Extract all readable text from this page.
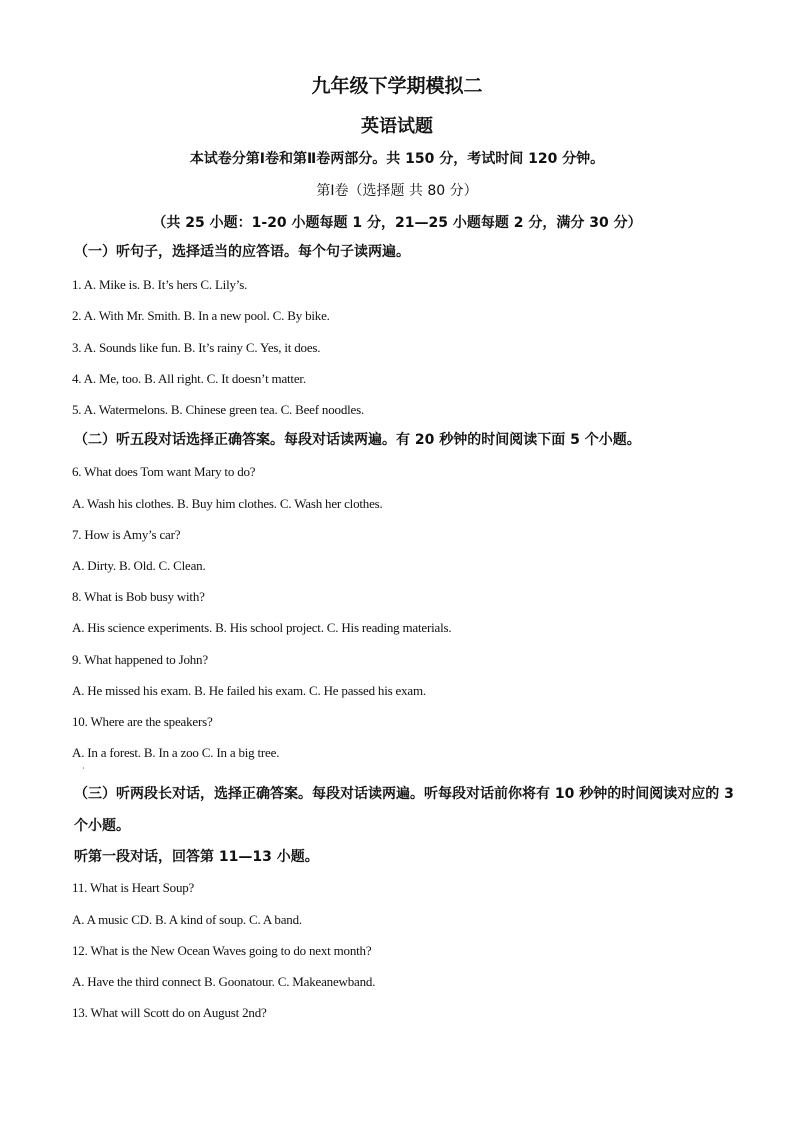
九年级下学期模拟二
英语试题
本试卷分第Ⅰ卷和第Ⅱ卷两部分。共 150 分，考试时间 120 分钟。
第Ⅰ卷（选择题 共 80 分）
（共 25 小题：1-20 小题每题 1 分，21—25 小题每题 2 分，满分 30 分）
（一）听句子，选择适当的应答语。每个句子读两遍。
1. A. Mike is. B. It’s hers C. Lily’s.
2. A. With Mr. Smith. B. In a new pool. C. By bike.
3. A. Sounds like fun. B. It’s rainy C. Yes, it does.
4. A. Me, too. B. All right. C. It doesn’t matter.
5. A. Watermelons. B. Chinese green tea. C. Beef noodles.
（二）听五段对话选择正确答案。每段对话读两遍。有 20 秒钟的时间阅读下面 5 个小题。
6. What does Tom want Mary to do?
A. Wash his clothes. B. Buy him clothes. C. Wash her clothes.
7. How is Amy’s car?
A. Dirty. B. Old. C. Clean.
8. What is Bob busy with?
A. His science experiments. B. His school project. C. His reading materials.
9. What happened to John?
A. He missed his exam. B. He failed his exam. C. He passed his exam.
10. Where are the speakers?
A. In a forest. B. In a zoo C. In a big tree.
·
（三）听两段长对话，选择正确答案。每段对话读两遍。听每段对话前你将有 10 秒钟的时间阅读对应的 3 个小题。
听第一段对话，回答第 11—13 小题。
11. What is Heart Soup?
A. A music CD. B. A kind of soup. C. A band.
12. What is the New Ocean Waves going to do next month?
A. Have the third connect B. Goonatour. C. Makeanewband.
13. What will Scott do on August 2nd?
